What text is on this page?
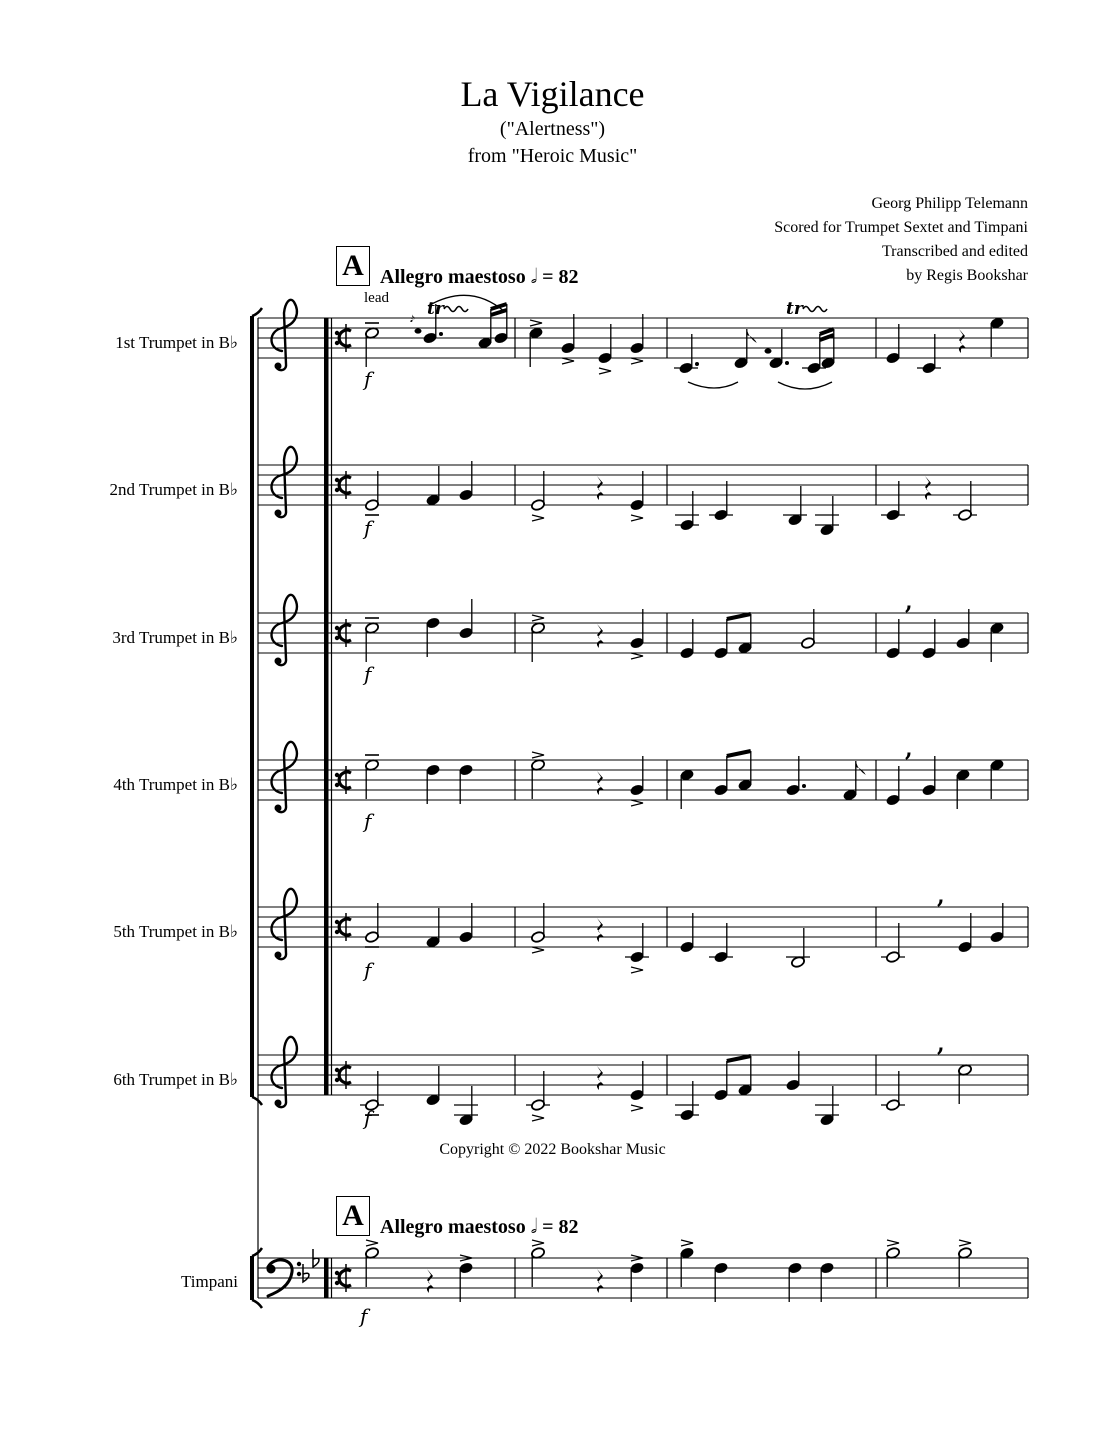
La Vigilance
("Alertness")
from "Heroic Music"
Georg Philipp Telemann
Scored for Trumpet Sextet and Timpani
Transcribed and edited
by Regis Bookshar
A Allegro maestoso 𝅗𝅥 = 82
lead
A Allegro maestoso 𝅗𝅥 = 82
1st Trumpet in B♭
2nd Trumpet in B♭
3rd Trumpet in B♭
4th Trumpet in B♭
5th Trumpet in B♭
6th Trumpet in B♭
Timpani
𝆔 tr	tr
f
f
,
f
,
f
,
f
,
f
f
Copyright © 2022 Bookshar Music
